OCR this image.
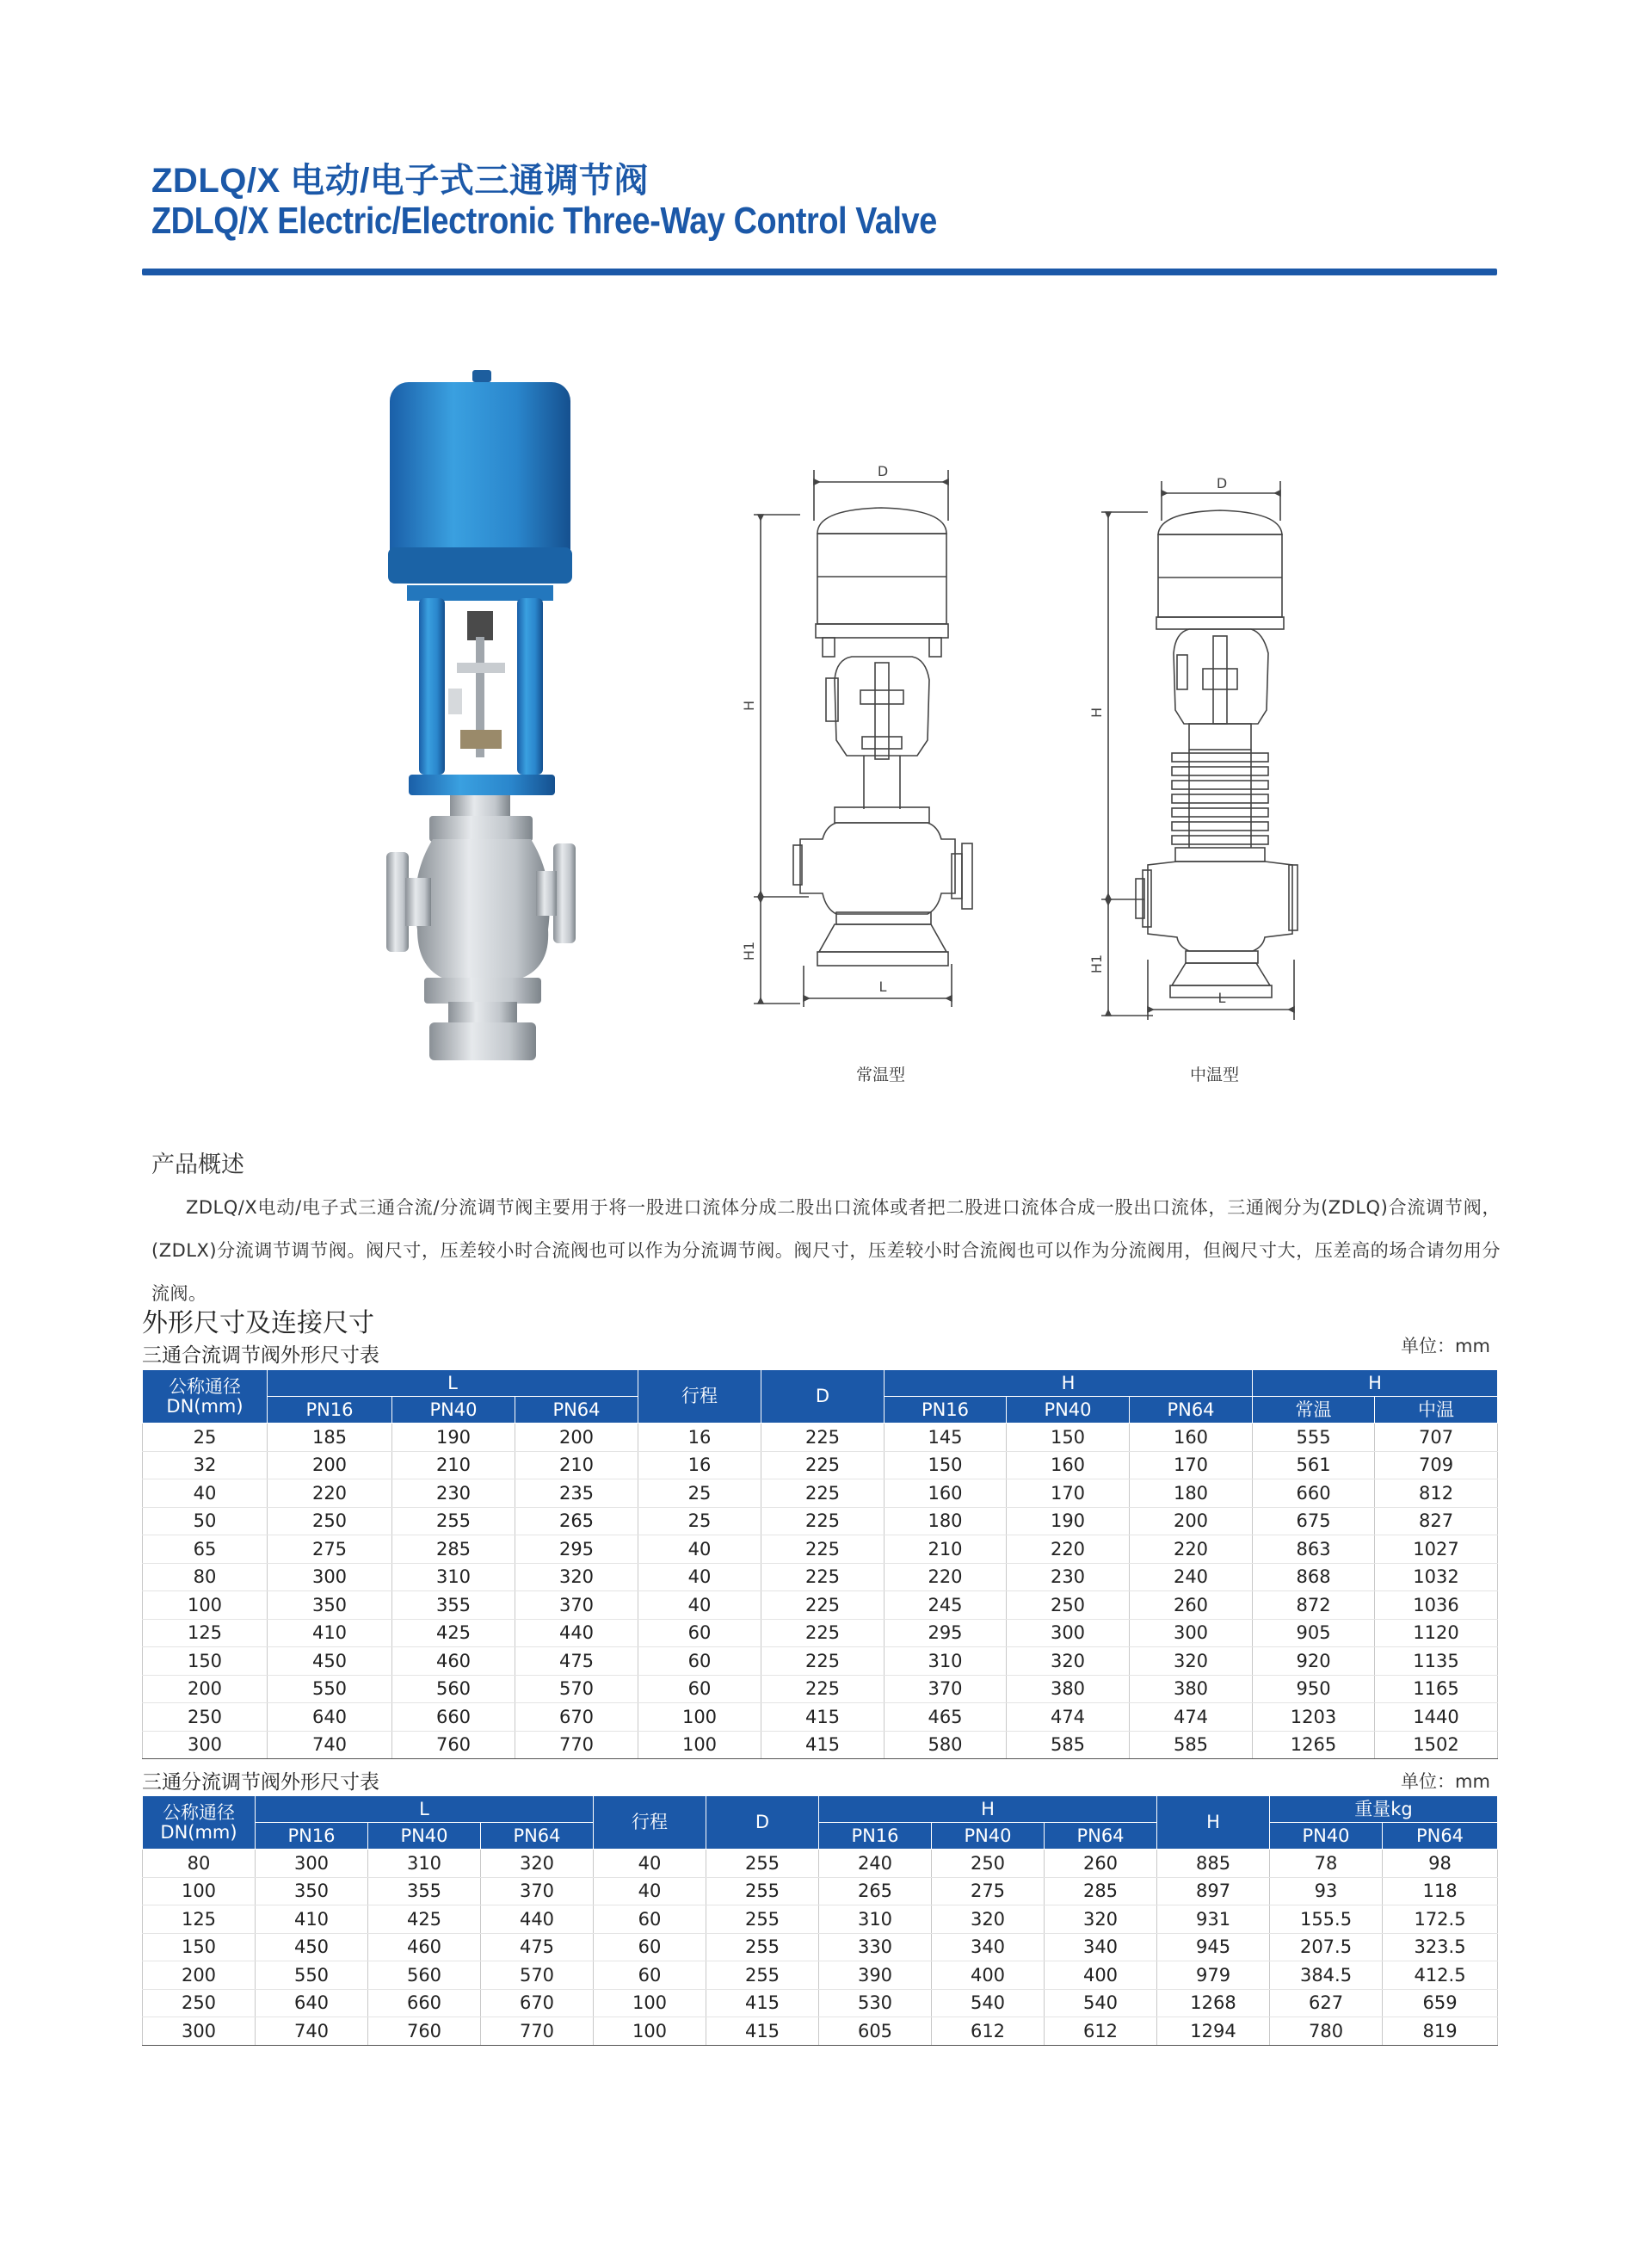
ZDLQ/X 电动/电子式三通调节阀
ZDLQ/X Electric/Electronic Three-Way Control Valve
D
L
H
H1
常温型
D
L
H
H1
中温型
产品概述
ZDLQ/X电动/电子式三通合流/分流调节阀主要用于将一股进口流体分成二股出口流体或者把二股进口流体合成一股出口流体，三通阀分为(ZDLQ)合流调节阀，(ZDLX)分流调节调节阀。阀尺寸，压差较小时合流阀也可以作为分流调节阀。阀尺寸，压差较小时合流阀也可以作为分流阀用，但阀尺寸大，压差高的场合请勿用分流阀。
外形尺寸及连接尺寸
三通合流调节阀外形尺寸表	单位：mm
公称通径 DN(mm)	L			行程	D	H			H	
	PN16	PN40	PN64			PN16	PN40	PN64	常温	中温
25	185	190	200	16	225	145	150	160	555	707
32	200	210	210	16	225	150	160	170	561	709
40	220	230	235	25	225	160	170	180	660	812
50	250	255	265	25	225	180	190	200	675	827
65	275	285	295	40	225	210	220	220	863	1027
80	300	310	320	40	225	220	230	240	868	1032
100	350	355	370	40	225	245	250	260	872	1036
125	410	425	440	60	225	295	300	300	905	1120
150	450	460	475	60	225	310	320	320	920	1135
200	550	560	570	60	225	370	380	380	950	1165
250	640	660	670	100	415	465	474	474	1203	1440
300	740	760	770	100	415	580	585	585	1265	1502
三通分流调节阀外形尺寸表	单位：mm
公称通径 DN(mm)	L			行程	D	H			H	重量kg	
	PN16	PN40	PN64			PN16	PN40	PN64		PN40	PN64
80	300	310	320	40	255	240	250	260	885	78	98
100	350	355	370	40	255	265	275	285	897	93	118
125	410	425	440	60	255	310	320	320	931	155.5	172.5
150	450	460	475	60	255	330	340	340	945	207.5	323.5
200	550	560	570	60	255	390	400	400	979	384.5	412.5
250	640	660	670	100	415	530	540	540	1268	627	659
300	740	760	770	100	415	605	612	612	1294	780	819
